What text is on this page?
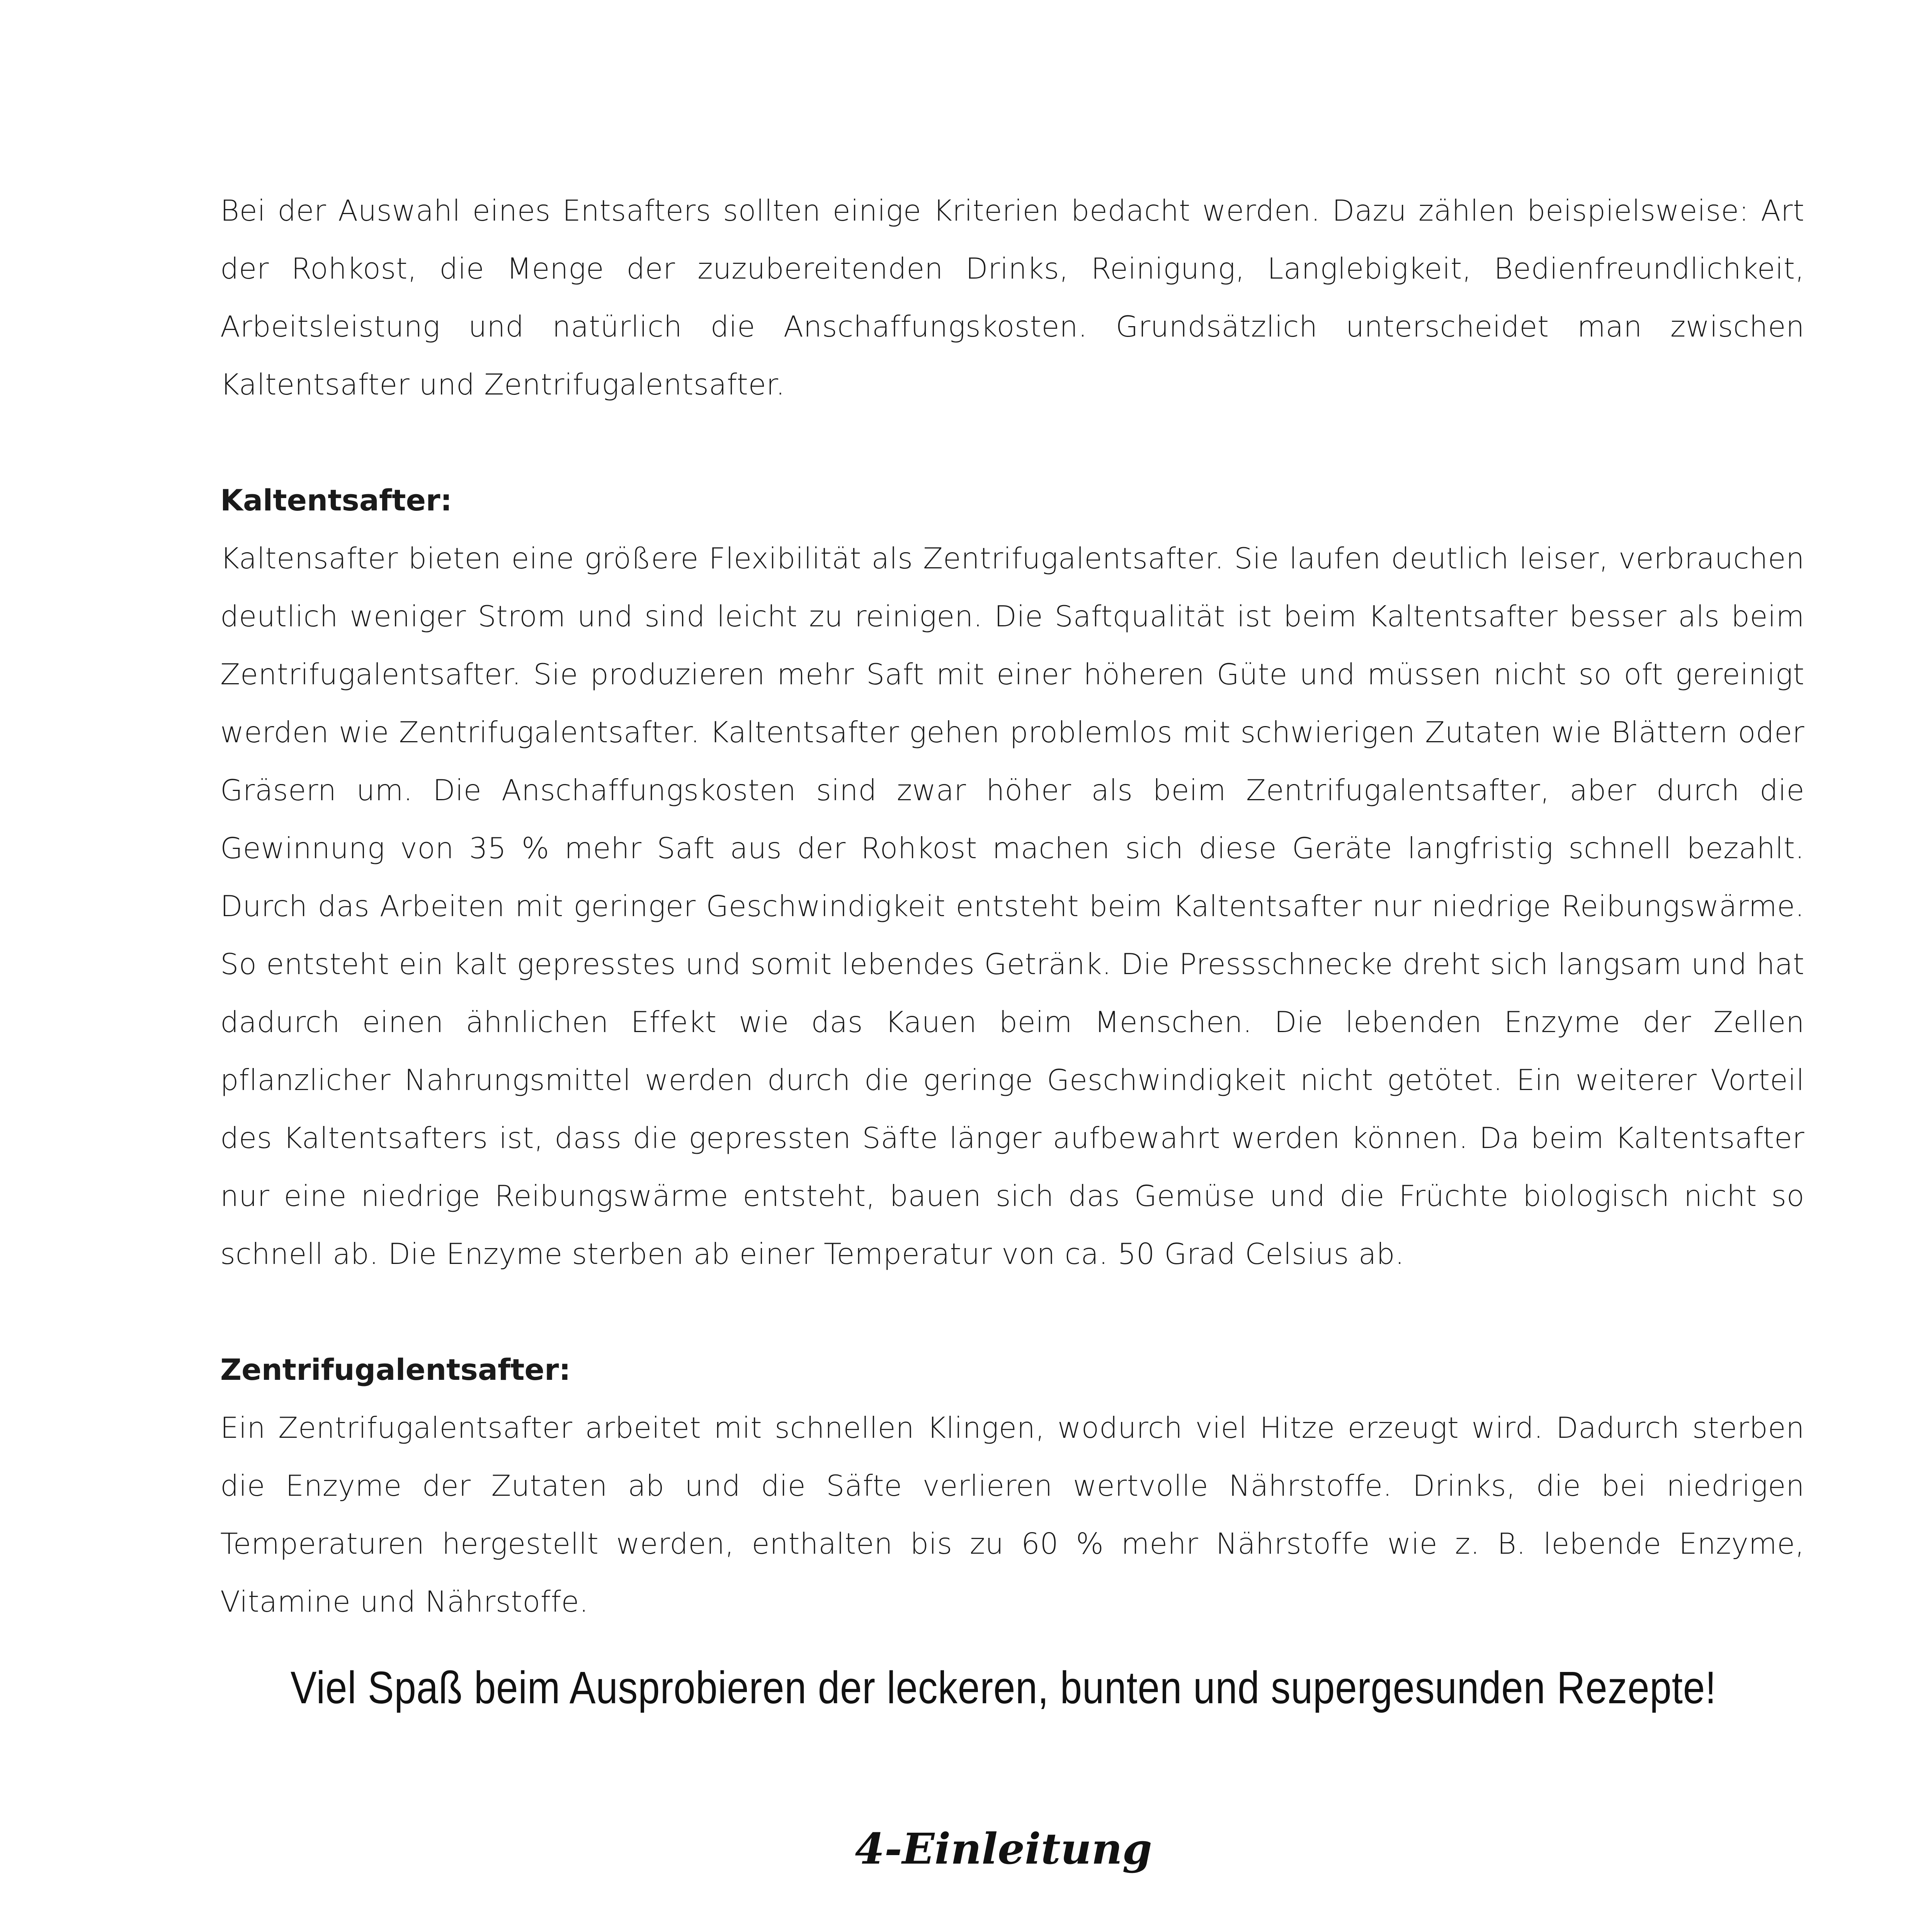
Bei der Auswahl eines Entsafters sollten einige Kriterien bedacht werden. Dazu zählen beispielsweise: Art der Rohkost, die Menge der zuzubereitenden Drinks, Reinigung, Langlebigkeit, Bedienfreundlichkeit, Arbeitsleistung und natürlich die Anschaffungskosten. Grundsätzlich unterscheidet man zwischen Kaltentsafter und Zentrifugalentsafter.

Kaltentsafter:

Kaltensafter bieten eine größere Flexibilität als Zentrifugalentsafter. Sie laufen deutlich leiser, verbrauchen deutlich weniger Strom und sind leicht zu reinigen. Die Saftqualität ist beim Kaltentsafter besser als beim Zentrifugalentsafter. Sie produzieren mehr Saft mit einer höheren Güte und müssen nicht so oft gereinigt werden wie Zentrifugalentsafter. Kaltentsafter gehen problemlos mit schwierigen Zutaten wie Blättern oder Gräsern um. Die Anschaffungskosten sind zwar höher als beim Zentrifugalentsafter, aber durch die Gewinnung von 35 % mehr Saft aus der Rohkost machen sich diese Geräte langfristig schnell bezahlt. Durch das Arbeiten mit geringer Geschwindigkeit entsteht beim Kaltentsafter nur niedrige Reibungswärme. So entsteht ein kalt gepresstes und somit lebendes Getränk. Die Pressschnecke dreht sich langsam und hat dadurch einen ähnlichen Effekt wie das Kauen beim Menschen. Die lebenden Enzyme der Zellen pflanzlicher Nahrungsmittel werden durch die geringe Geschwindigkeit nicht getötet. Ein weiterer Vorteil des Kaltentsafters ist, dass die gepressten Säfte länger aufbewahrt werden können. Da beim Kaltentsafter nur eine niedrige Reibungswärme entsteht, bauen sich das Gemüse und die Früchte biologisch nicht so schnell ab. Die Enzyme sterben ab einer Temperatur von ca. 50 Grad Celsius ab.

Zentrifugalentsafter:

Ein Zentrifugalentsafter arbeitet mit schnellen Klingen, wodurch viel Hitze erzeugt wird. Dadurch sterben die Enzyme der Zutaten ab und die Säfte verlieren wertvolle Nährstoffe. Drinks, die bei niedrigen Temperaturen hergestellt werden, enthalten bis zu 60 % mehr Nährstoffe wie z. B. lebende Enzyme, Vitamine und Nährstoffe.

Viel Spaß beim Ausprobieren der leckeren, bunten und supergesunden Rezepte!
4-Einleitung
